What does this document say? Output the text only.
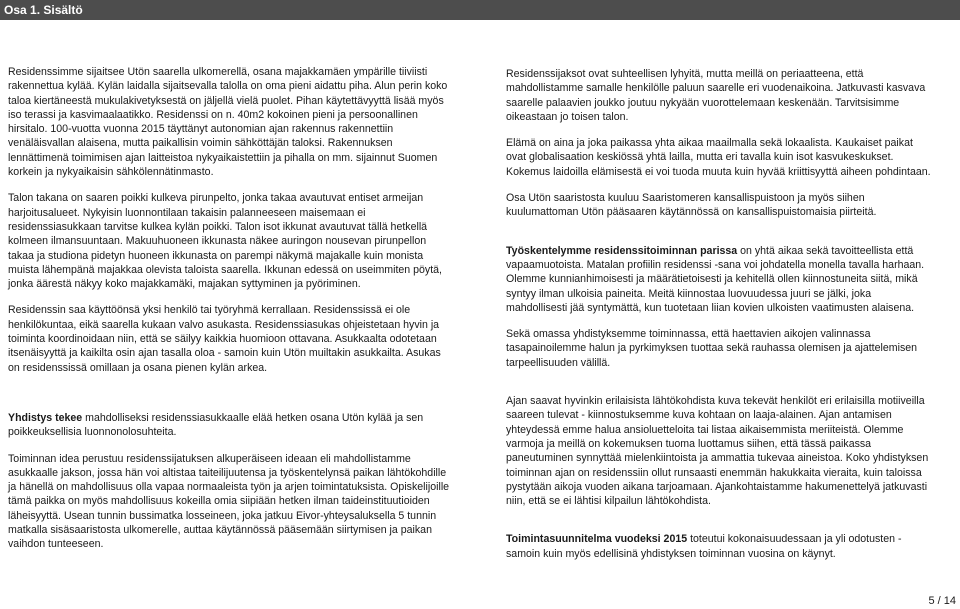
Osa 1. Sisältö

Residenssimme sijaitsee Utön saarella ulkomerellä, osana majakkamäen ympärille tiiviisti rakennettua kylää. Kylän laidalla sijaitsevalla talolla on oma pieni aidattu piha. Alun perin koko taloa kiertäneestä mukulakivetyksestä on jäljellä vielä puolet. Pihan käytettävyyttä lisää myös iso terassi ja kasvimaalaatikko. Residenssi on n. 40m2 kokoinen pieni ja persoonallinen hirsitalo. 100-vuotta vuonna 2015 täyttänyt autonomian ajan rakennus rakennettiin venäläisvallan alaisena, mutta paikallisin voimin sähköttäjän taloksi. Rakennuksen lennättimenä toimimisen ajan laitteistoa nykyaikaistettiin ja pihalla on mm. sijainnut Suomen korkein ja nykyaikaisin sähkölennätinmasto.

Talon takana on saaren poikki kulkeva pirunpelto, jonka takaa avautuvat entiset armeijan harjoitusalueet. Nykyisin luonnontilaan takaisin palanneeseen maisemaan ei residenssiasukkaan tarvitse kulkea kylän poikki. Talon isot ikkunat avautuvat tällä hetkellä kolmeen ilmansuuntaan. Makuuhuoneen ikkunasta näkee auringon nousevan pirunpellon takaa ja studiona pidetyn huoneen ikkunasta on parempi näkymä majakalle kuin monista muista lähempänä majakkaa olevista taloista saarella. Ikkunan edessä on useimmiten pöytä, jonka äärestä näkyy koko majakkamäki, majakan syttyminen ja pyöriminen.

Residenssin saa käyttöönsä yksi henkilö tai työryhmä kerrallaan. Residenssissä ei ole henkilökuntaa, eikä saarella kukaan valvo asukasta. Residenssiasukas ohjeistetaan hyvin ja toiminta koordinoidaan niin, että se säilyy kaikkia huomioon ottavana. Asukkaalta odotetaan itsenäisyyttä ja kaikilta osin ajan tasalla oloa - samoin kuin Utön muiltakin asukkailta. Asukas on residenssissä omillaan ja osana pienen kylän arkea.

Yhdistys tekee mahdolliseksi residenssiasukkaalle elää hetken osana Utön kylää ja sen poikkeuksellisia luonnonolosuhteita.

Toiminnan idea perustuu residenssijatuksen alkuperäiseen ideaan eli mahdollistamme asukkaalle jakson, jossa hän voi altistaa taiteilijuutensa ja työskentelynsä paikan lähtökohdille ja hänellä on mahdollisuus olla vapaa normaaleista työn ja arjen toimintatuksista. Opiskelijoille tämä paikka on myös mahdollisuus kokeilla omia siipiään hetken ilman taideinstituutioiden läheisyyttä. Usean tunnin bussimatka losseineen, joka jatkuu Eivor-yhteysaluksella 5 tunnin matkalla sisäsaaristosta ulkomerelle, auttaa käytännössä pääsemään siirtymisen ja paikan vaihdon tunteeseen.

Residenssijaksot ovat suhteellisen lyhyitä, mutta meillä on periaatteena, että mahdollistamme samalle henkilölle paluun saarelle eri vuodenaikoina. Jatkuvasti kasvava saarelle palaavien joukko joutuu nykyään vuorottelemaan keskenään. Tarvitsisimme oikeastaan jo toisen talon.

Elämä on aina ja joka paikassa yhta aikaa maailmalla sekä lokaalista. Kaukaiset paikat ovat globalisaation keskiössä yhtä lailla, mutta eri tavalla kuin isot kasvukeskukset. Kokemus laidoilla elämisestä ei voi tuoda muuta kuin hyvää kriittisyyttä aiheen pohdintaan.

Osa Utön saaristosta kuuluu Saaristomeren kansallispuistoon ja myös siihen kuulumattoman Utön pääsaaren käytännössä on kansallispuistomaisia piirteitä.

Työskentelymme residenssitoiminnan parissa on yhtä aikaa sekä tavoitteellista että vapaamuotoista. Matalan profiilin residenssi -sana voi johdatella monella tavalla harhaan. Olemme kunnianhimoisesti ja määrätietoisesti ja kehitellä ollen kiinnostuneita siitä, mikä syntyy ilman ulkoisia paineita. Meitä kiinnostaa luovuudessa juuri se jälki, joka mahdollisesti jää syntymättä, kun tuotetaan liian kovien ulkoisten vaatimusten alaisena.

Sekä omassa yhdistyksemme toiminnassa, että haettavien aikojen valinnassa tasapainoilemme halun ja pyrkimyksen tuottaa sekä rauhassa olemisen ja ajattelemisen tarpeellisuuden välillä.

Ajan saavat hyvinkin erilaisista lähtökohdista kuva tekevät henkilöt eri erilaisilla motiiveilla saareen tulevat - kiinnostuksemme kuva kohtaan on laaja-alainen. Ajan antamisen yhteydessä emme halua ansioluetteloita tai listaa aikaisemmista meriiteistä. Olemme varmoja ja meillä on kokemuksen tuoma luottamus siihen, että tässä paikassa paneutuminen synnyttää mielenkiintoista ja ammattia tukevaa aineistoa. Koko yhdistyksen toiminnan ajan on residenssiin ollut runsaasti enemmän hakukkaita vieraita, kuin taloissa pystytään aikoja vuoden aikana tarjoamaan. Ajankohtaistamme hakumenettelyä jatkuvasti niin, että se ei lähtisi kilpailun lähtökohdista.

Toimintasuunnitelma vuodeksi 2015 toteutui kokonaisuudessaan ja yli odotusten - samoin kuin myös edellisinä yhdistyksen toiminnan vuosina on käynyt.

5 / 14
